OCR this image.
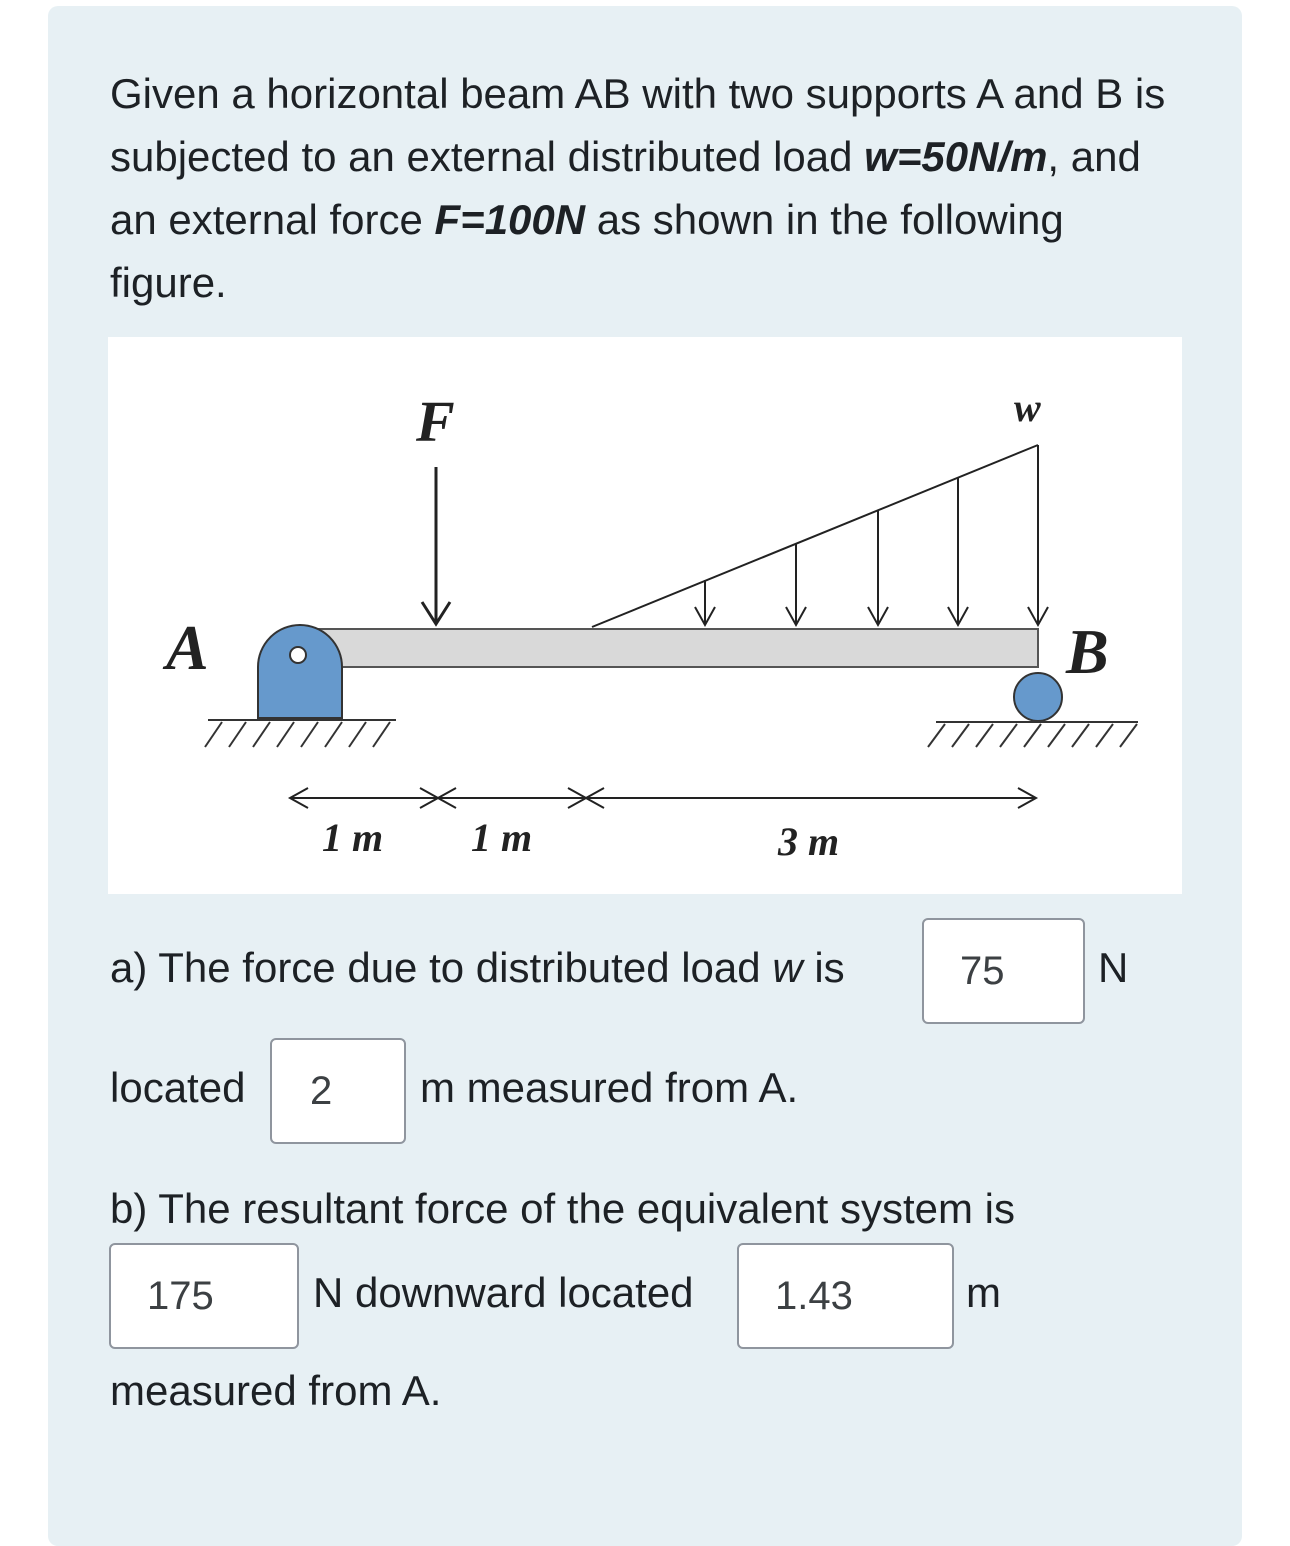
Given a horizontal beam AB with two supports A and B is subjected to an external distributed load w=50N/m, and an external force F=100N as shown in the following figure.

A	B
F	w
1 m 1 m	3 m
a) The force due to distributed load w is
75	N
located
2	m measured from A.
b) The resultant force of the equivalent system is
175
N downward located
1.43	m
measured from A.
